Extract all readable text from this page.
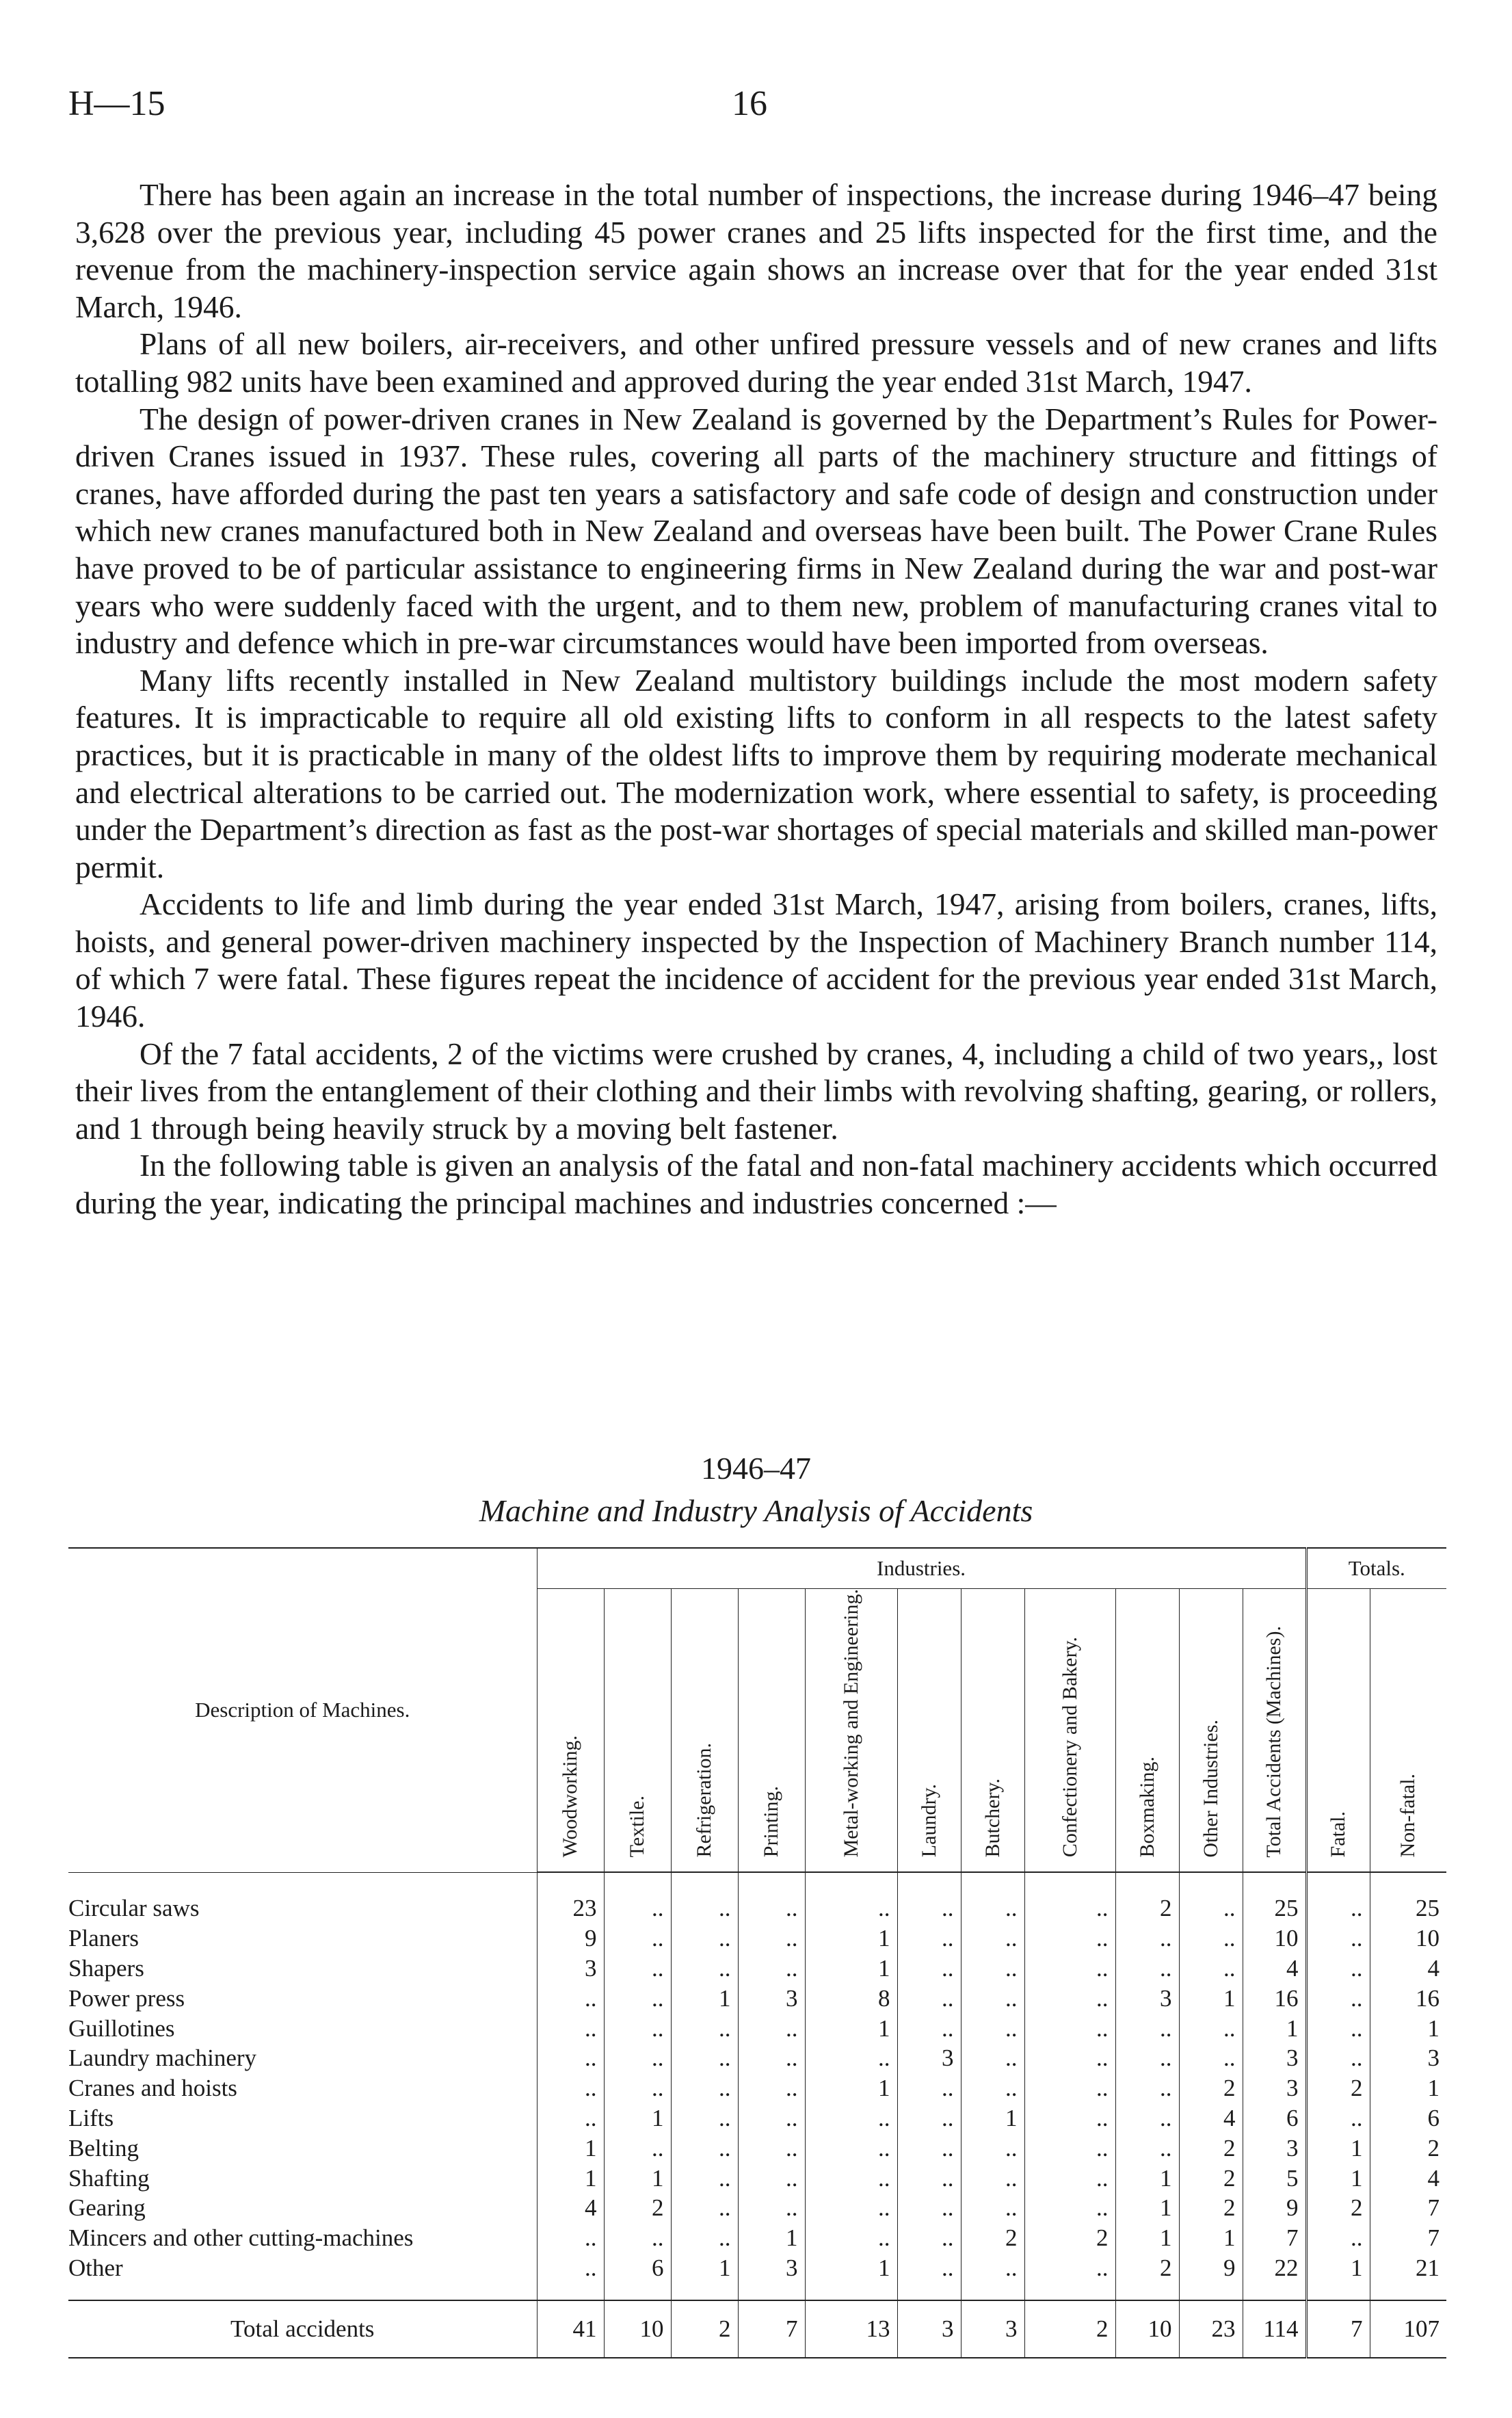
H—15	16

There has been again an increase in the total number of inspections, the increase during 1946–47 being 3,628 over the previous year, including 45 power cranes and 25 lifts inspected for the first time, and the revenue from the machinery-inspection service again shows an increase over that for the year ended 31st March, 1946.

Plans of all new boilers, air-receivers, and other unfired pressure vessels and of new cranes and lifts totalling 982 units have been examined and approved during the year ended 31st March, 1947.

The design of power-driven cranes in New Zealand is governed by the Department’s Rules for Power-driven Cranes issued in 1937. These rules, covering all parts of the machinery structure and fittings of cranes, have afforded during the past ten years a satisfactory and safe code of design and construction under which new cranes manufactured both in New Zealand and overseas have been built. The Power Crane Rules have proved to be of particular assistance to engineering firms in New Zealand during the war and post-war years who were suddenly faced with the urgent, and to them new, problem of manufacturing cranes vital to industry and defence which in pre-war circumstances would have been imported from overseas.

Many lifts recently installed in New Zealand multistory buildings include the most modern safety features. It is impracticable to require all old existing lifts to conform in all respects to the latest safety practices, but it is practicable in many of the oldest lifts to improve them by requiring moderate mechanical and electrical alterations to be carried out. The modernization work, where essential to safety, is proceeding under the Department’s direction as fast as the post-war shortages of special materials and skilled man-power permit.

Accidents to life and limb during the year ended 31st March, 1947, arising from boilers, cranes, lifts, hoists, and general power-driven machinery inspected by the Inspection of Machinery Branch number 114, of which 7 were fatal. These figures repeat the incidence of accident for the previous year ended 31st March, 1946.

Of the 7 fatal accidents, 2 of the victims were crushed by cranes, 4, including a child of two years,, lost their lives from the entanglement of their clothing and their limbs with revolving shafting, gearing, or rollers, and 1 through being heavily struck by a moving belt fastener.

In the following table is given an analysis of the fatal and non-fatal machinery accidents which occurred during the year, indicating the principal machines and industries concerned :—

1946–47
Machine and Industry Analysis of Accidents
Description of Machines.	Industries.											Totals.	
	Woodworking.	Textile.	Refrigeration.	Printing.	Metal-working and Engineering.	Laundry.	Butchery.	Confectionery and Bakery.	Boxmaking.	Other Industries.	Total Accidents (Machines).	Fatal.	Non-fatal.

Circular saws	23	..	..	..	..	..	..	..	2	..	25	..	25
Planers	9	..	..	..	1	..	..	..	..	..	10	..	10
Shapers	3	..	..	..	1	..	..	..	..	..	4	..	4
Power press	..	..	1	3	8	..	..	..	3	1	16	..	16
Guillotines	..	..	..	..	1	..	..	..	..	..	1	..	1
Laundry machinery	..	..	..	..	..	3	..	..	..	..	3	..	3
Cranes and hoists	..	..	..	..	1	..	..	..	..	2	3	2	1
Lifts	..	1	..	..	..	..	1	..	..	4	6	..	6
Belting	1	..	..	..	..	..	..	..	..	2	3	1	2
Shafting	1	1	..	..	..	..	..	..	1	2	5	1	4
Gearing	4	2	..	..	..	..	..	..	1	2	9	2	7
Mincers and other cutting-machines	..	..	..	1	..	..	2	2	1	1	7	..	7
Other	..	6	1	3	1	..	..	..	2	9	22	1	21

Total accidents	41	10	2	7	13	3	3	2	10	23	114	7	107
